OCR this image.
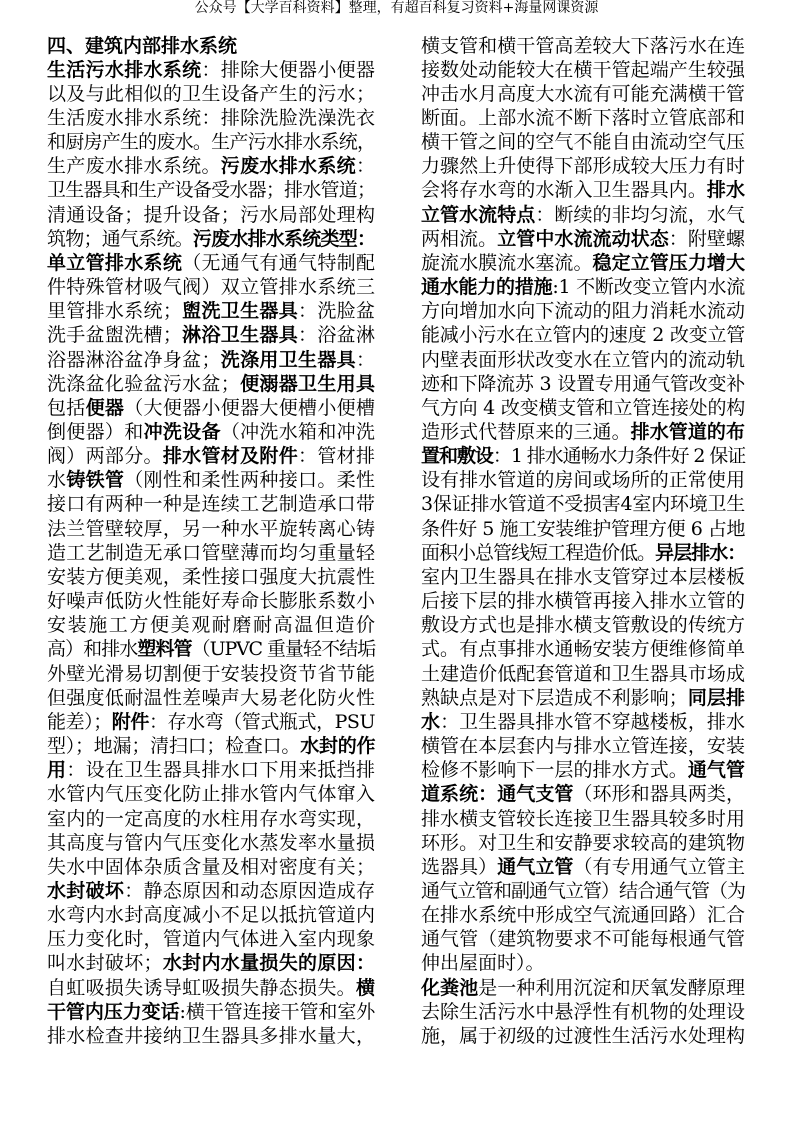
公众号【大学百科资料】整理，有超百科复习资料+海量网课资源
四、建筑内部排水系统
生活污水排水系统：排除大便器小便器
以及与此相似的卫生设备产生的污水；
生活废水排水系统：排除洗脸洗澡洗衣
和厨房产生的废水。生产污水排水系统，
生产废水排水系统。污废水排水系统：
卫生器具和生产设备受水器；排水管道；
清通设备；提升设备；污水局部处理构
筑物；通气系统。污废水排水系统类型：
单立管排水系统（无通气有通气特制配
件特殊管材吸气阀）双立管排水系统三
里管排水系统；盥洗卫生器具：洗脸盆
洗手盆盥洗槽；淋浴卫生器具：浴盆淋
浴器淋浴盆净身盆；洗涤用卫生器具：
洗涤盆化验盆污水盆；便溺器卫生用具
包括便器（大便器小便器大便槽小便槽
倒便器）和冲洗设备（冲洗水箱和冲洗
阀）两部分。排水管材及附件：管材排
水铸铁管（刚性和柔性两种接口。柔性
接口有两种一种是连续工艺制造承口带
法兰管壁较厚，另一种水平旋转离心铸
造工艺制造无承口管壁薄而均匀重量轻
安装方便美观，柔性接口强度大抗震性
好噪声低防火性能好寿命长膨胀系数小
安装施工方便美观耐磨耐高温但造价
高）和排水塑料管（UPVC 重量轻不结垢
外壁光滑易切割便于安装投资节省节能
但强度低耐温性差噪声大易老化防火性
能差）；附件：存水弯（管式瓶式，PSU
型）；地漏；清扫口；检查口。水封的作
用：设在卫生器具排水口下用来抵挡排
水管内气压变化防止排水管内气体窜入
室内的一定高度的水柱用存水弯实现，
其高度与管内气压变化水蒸发率水量损
失水中固体杂质含量及相对密度有关；
水封破坏：静态原因和动态原因造成存
水弯内水封高度减小不足以抵抗管道内
压力变化时，管道内气体进入室内现象
叫水封破坏；水封内水量损失的原因：
自虹吸损失诱导虹吸损失静态损失。横
干管内压力变话:横干管连接干管和室外
排水检查井接纳卫生器具多排水量大，
横支管和横干管高差较大下落污水在连
接数处动能较大在横干管起端产生较强
冲击水月高度大水流有可能充满横干管
断面。上部水流不断下落时立管底部和
横干管之间的空气不能自由流动空气压
力骤然上升使得下部形成较大压力有时
会将存水弯的水渐入卫生器具内。排水
立管水流特点：断续的非均匀流，水气
两相流。立管中水流流动状态：附壁螺
旋流水膜流水塞流。稳定立管压力增大
通水能力的措施:1 不断改变立管内水流
方向增加水向下流动的阻力消耗水流动
能减小污水在立管内的速度 2 改变立管
内壁表面形状改变水在立管内的流动轨
迹和下降流苏 3 设置专用通气管改变补
气方向 4 改变横支管和立管连接处的构
造形式代替原来的三通。排水管道的布
置和敷设：1 排水通畅水力条件好 2 保证
设有排水管道的房间或场所的正常使用
3保证排水管道不受损害4室内环境卫生
条件好 5 施工安装维护管理方便 6 占地
面积小总管线短工程造价低。异层排水：
室内卫生器具在排水支管穿过本层楼板
后接下层的排水横管再接入排水立管的
敷设方式也是排水横支管敷设的传统方
式。有点事排水通畅安装方便维修简单
土建造价低配套管道和卫生器具市场成
熟缺点是对下层造成不利影响；同层排
水：卫生器具排水管不穿越楼板，排水
横管在本层套内与排水立管连接，安装
检修不影响下一层的排水方式。通气管
道系统：通气支管（环形和器具两类，
排水横支管较长连接卫生器具较多时用
环形。对卫生和安静要求较高的建筑物
选器具）通气立管（有专用通气立管主
通气立管和副通气立管）结合通气管（为
在排水系统中形成空气流通回路）汇合
通气管（建筑物要求不可能每根通气管
伸出屋面时）。
化粪池是一种利用沉淀和厌氧发酵原理
去除生活污水中悬浮性有机物的处理设
施，属于初级的过渡性生活污水处理构
